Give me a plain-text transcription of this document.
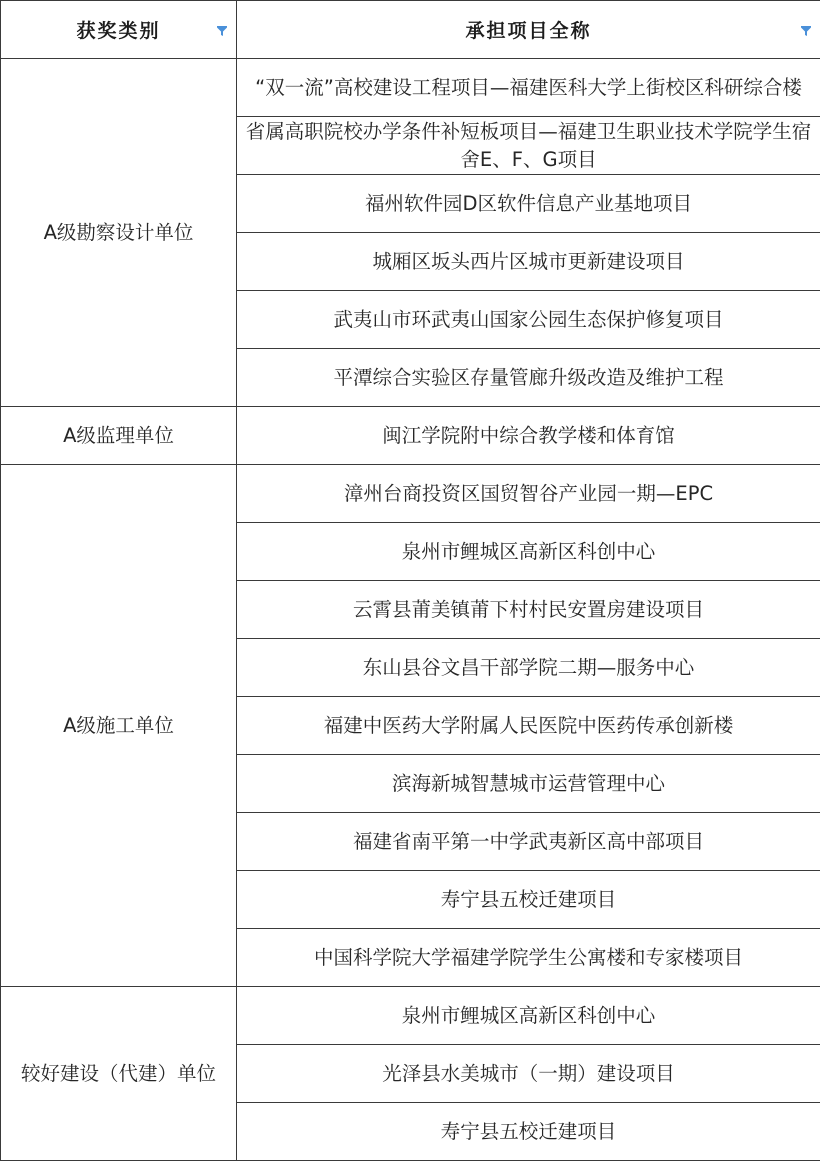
获奖类别	承担项目全称

A级勘察设计单位	“双一流”高校建设工程项目—福建医科大学上街校区科研综合楼
	省属高职院校办学条件补短板项目—福建卫生职业技术学院学生宿舍E、F、G项目
	福州软件园D区软件信息产业基地项目
	城厢区坂头西片区城市更新建设项目
	武夷山市环武夷山国家公园生态保护修复项目
	平潭综合实验区存量管廊升级改造及维护工程
A级监理单位	闽江学院附中综合教学楼和体育馆
A级施工单位	漳州台商投资区国贸智谷产业园一期—EPC
	泉州市鲤城区高新区科创中心
	云霄县莆美镇莆下村村民安置房建设项目
	东山县谷文昌干部学院二期—服务中心
	福建中医药大学附属人民医院中医药传承创新楼
	滨海新城智慧城市运营管理中心
	福建省南平第一中学武夷新区高中部项目
	寿宁县五校迁建项目
	中国科学院大学福建学院学生公寓楼和专家楼项目
较好建设（代建）单位	泉州市鲤城区高新区科创中心
	光泽县水美城市（一期）建设项目
	寿宁县五校迁建项目
